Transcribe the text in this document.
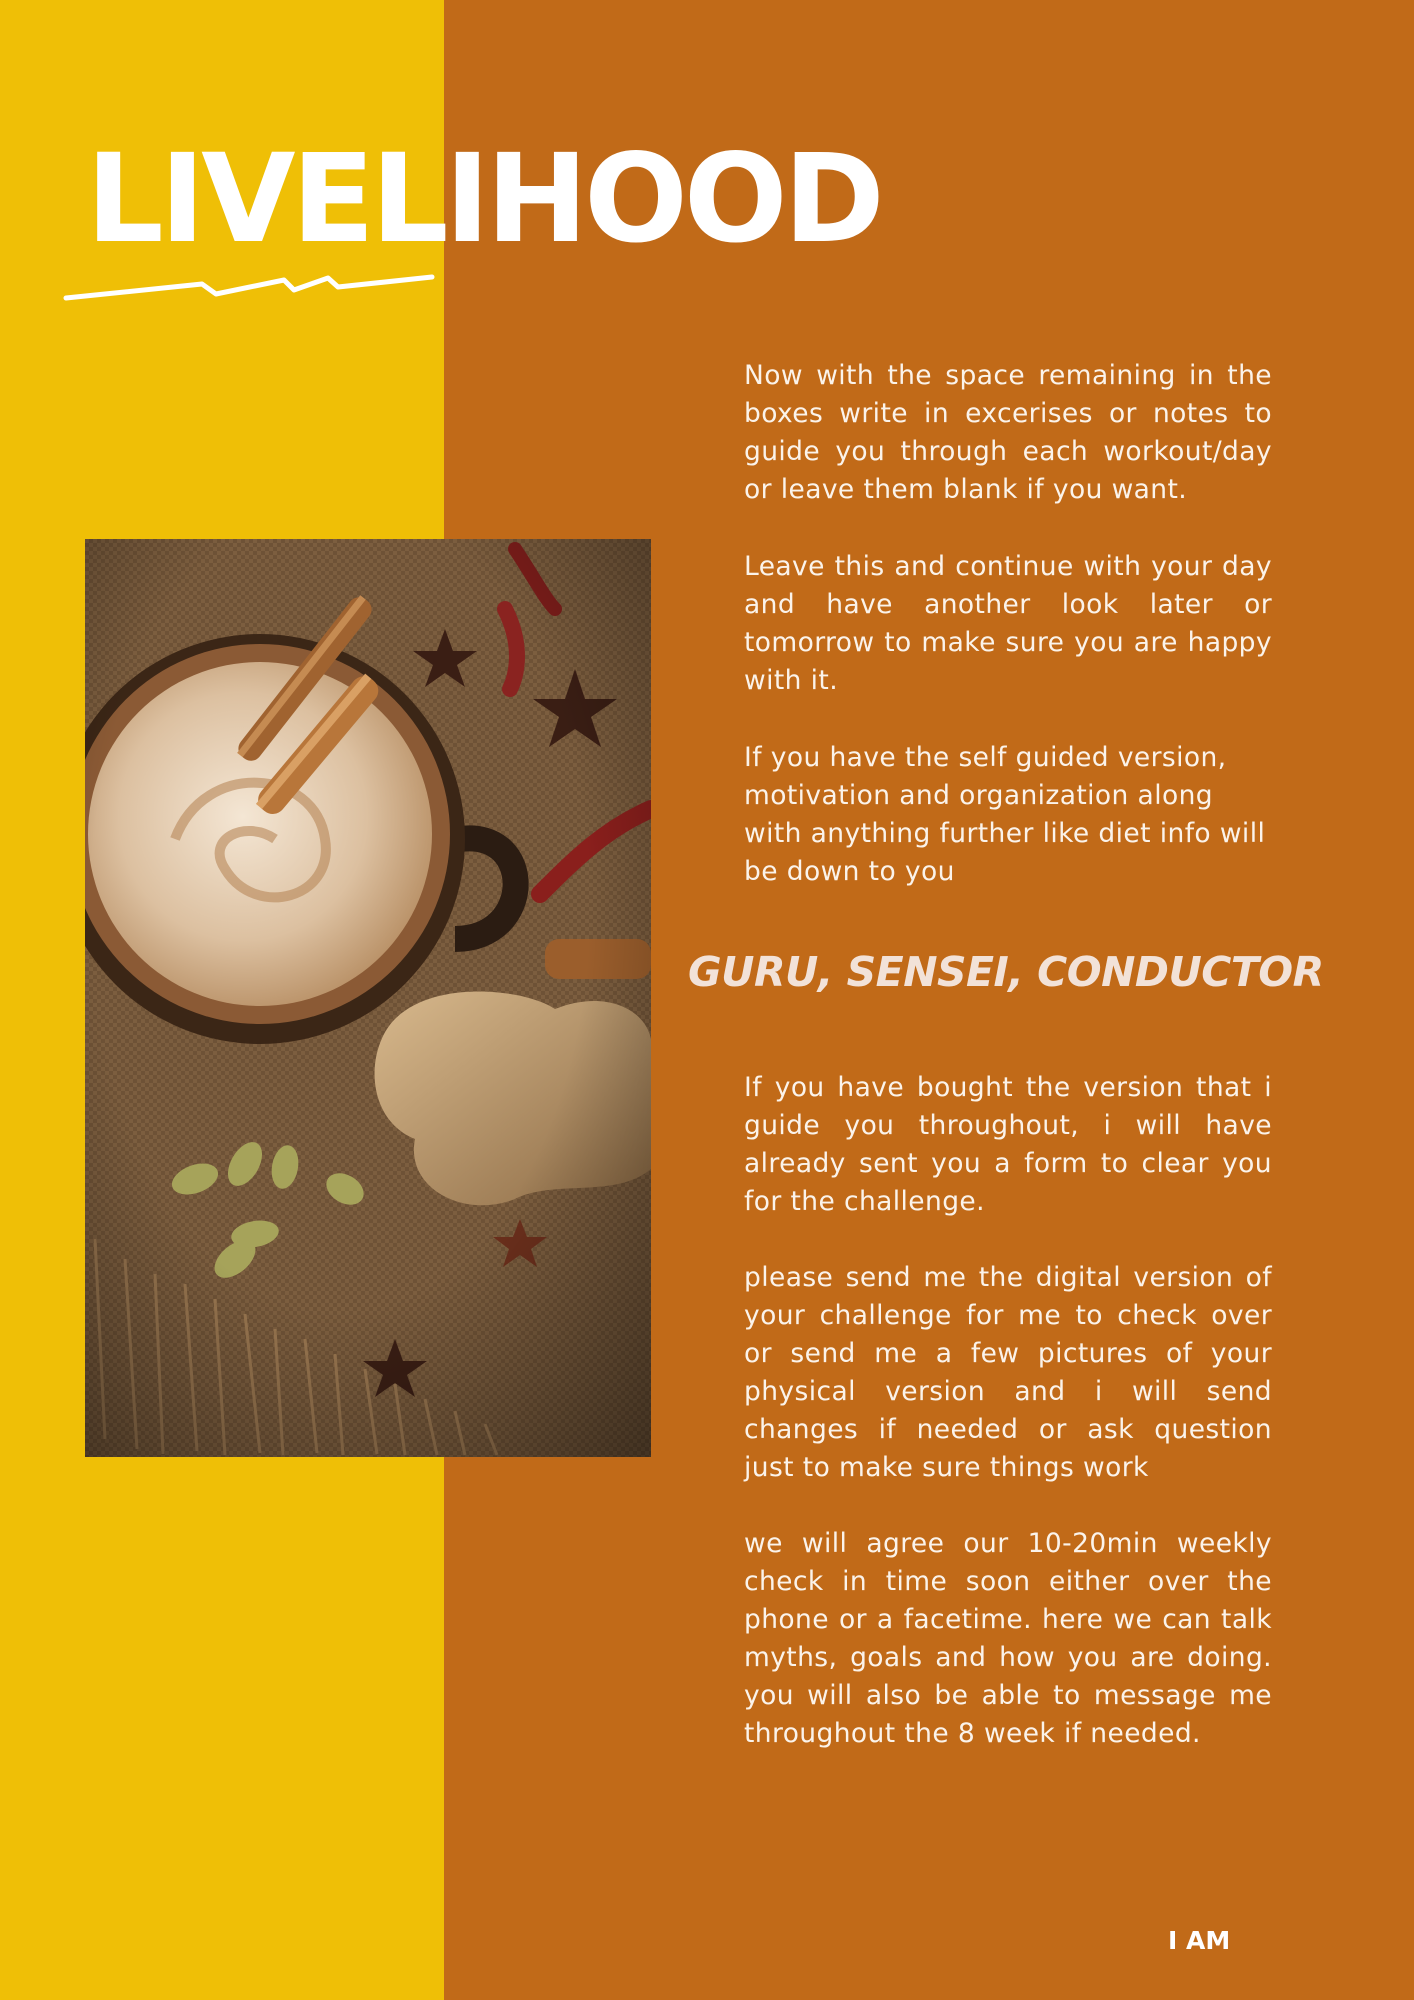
LIVELIHOOD

Now with the space remaining in the boxes write in excerises or notes to guide you through each workout/day or leave them blank if you want.

Leave this and continue with your day and have another look later or tomorrow to make sure you are happy with it.

If you have the self guided version, motivation and organization along with anything further like diet info will be down to you

GURU, SENSEI, CONDUCTOR

If you have bought the version that i guide you throughout, i will have already sent you a form to clear you for the challenge.

please send me the digital version of your challenge for me to check over or send me a few pictures of your physical version and i will send changes if needed or ask question just to make sure things work

we will agree our 10-20min weekly check in time soon either over the phone or a facetime. here we can talk myths, goals and how you are doing. you will also be able to message me throughout the 8 week if needed.

I AM
